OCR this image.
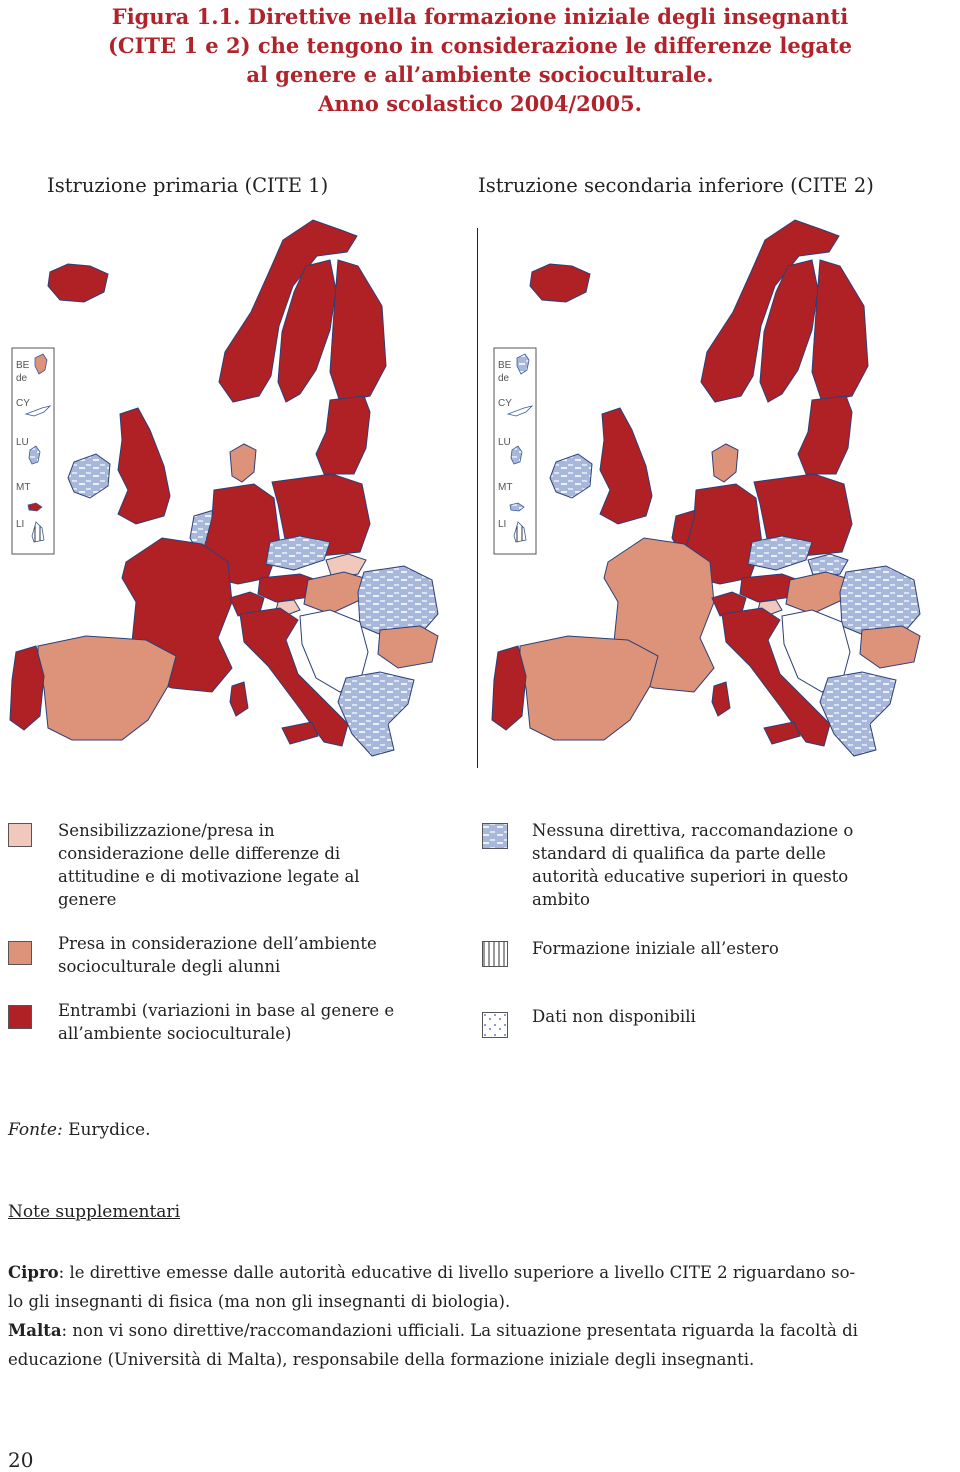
Figura 1.1. Direttive nella formazione iniziale degli insegnanti
(CITE 1 e 2) che tengono in considerazione le differenze legate
al genere e all’ambiente socioculturale.
Anno scolastico 2004/2005.
Istruzione primaria (CITE 1)	Istruzione secondaria inferiore (CITE 2)
BE
de
CY
LU
MT
LI
BE
de
CY
LU
MT
LI
Sensibilizzazione/presa in
considerazione delle differenze di
attitudine e di motivazione legate al
genere
Presa in considerazione dell’ambiente
socioculturale degli alunni
Entrambi (variazioni in base al genere e
all’ambiente socioculturale)
Nessuna direttiva, raccomandazione o
standard di qualifica da parte delle
autorità educative superiori in questo
ambito
Formazione iniziale all’estero
Dati non disponibili
Fonte: Eurydice.
Note supplementari
Cipro: le direttive emesse dalle autorità educative di livello superiore a livello CITE 2 riguardano so-
lo gli insegnanti di fisica (ma non gli insegnanti di biologia).
Malta: non vi sono direttive/raccomandazioni ufficiali. La situazione presentata riguarda la facoltà di
educazione (Università di Malta), responsabile della formazione iniziale degli insegnanti.
20
